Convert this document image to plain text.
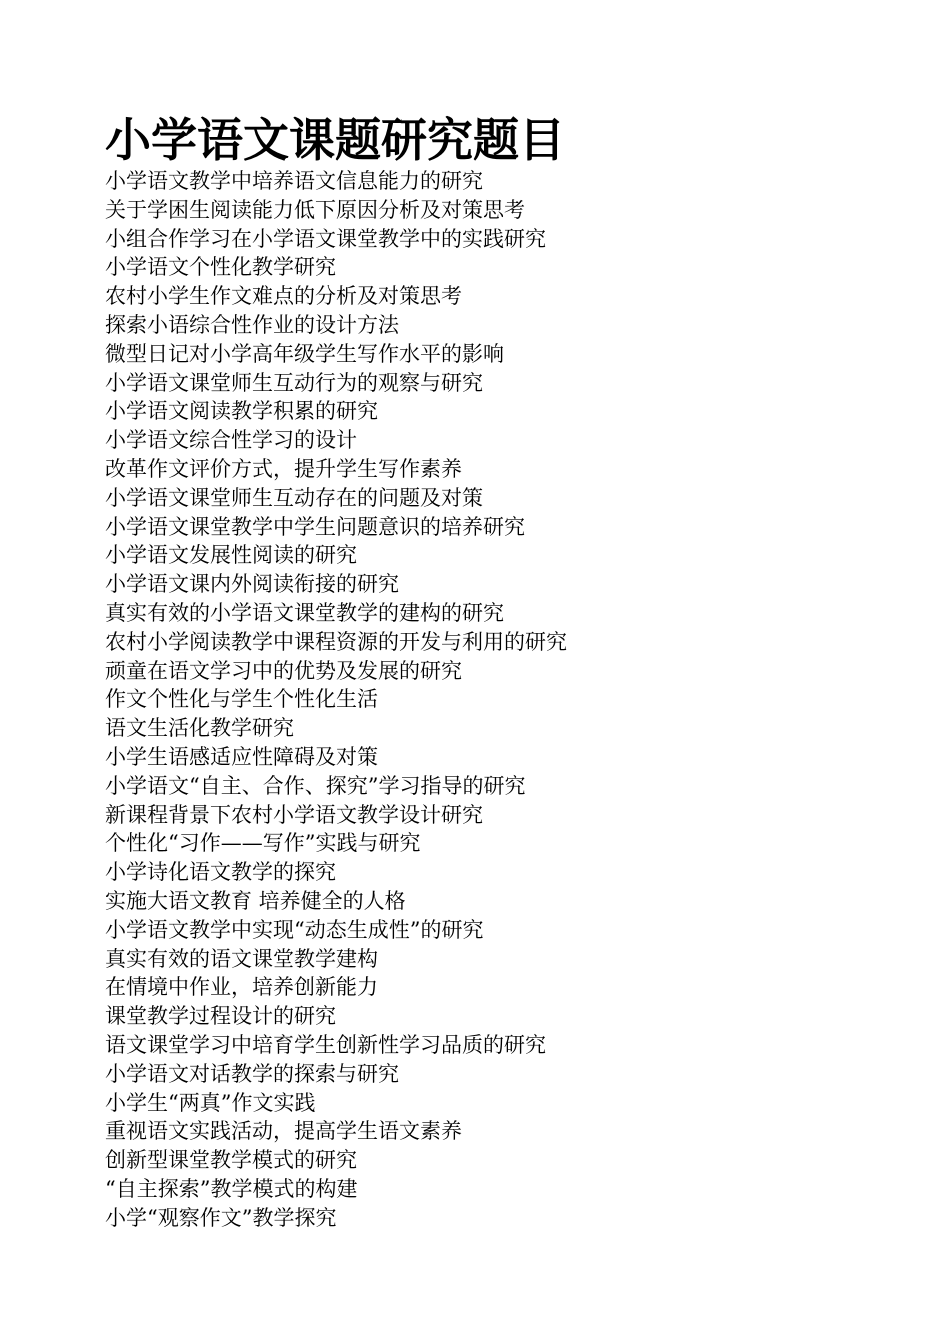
小学语文课题研究题目
小学语文教学中培养语文信息能力的研究
关于学困生阅读能力低下原因分析及对策思考
小组合作学习在小学语文课堂教学中的实践研究
小学语文个性化教学研究
农村小学生作文难点的分析及对策思考
探索小语综合性作业的设计方法
微型日记对小学高年级学生写作水平的影响
小学语文课堂师生互动行为的观察与研究
小学语文阅读教学积累的研究
小学语文综合性学习的设计
改革作文评价方式，提升学生写作素养
小学语文课堂师生互动存在的问题及对策
小学语文课堂教学中学生问题意识的培养研究
小学语文发展性阅读的研究
小学语文课内外阅读衔接的研究
真实有效的小学语文课堂教学的建构的研究
农村小学阅读教学中课程资源的开发与利用的研究
顽童在语文学习中的优势及发展的研究
作文个性化与学生个性化生活
语文生活化教学研究
小学生语感适应性障碍及对策
小学语文“自主、合作、探究”学习指导的研究
新课程背景下农村小学语文教学设计研究
个性化“习作——写作”实践与研究
小学诗化语文教学的探究
实施大语文教育 培养健全的人格
小学语文教学中实现“动态生成性”的研究
真实有效的语文课堂教学建构
在情境中作业，培养创新能力
课堂教学过程设计的研究
语文课堂学习中培育学生创新性学习品质的研究
小学语文对话教学的探索与研究
小学生“两真”作文实践
重视语文实践活动，提高学生语文素养
创新型课堂教学模式的研究
“自主探索”教学模式的构建
小学“观察作文”教学探究
